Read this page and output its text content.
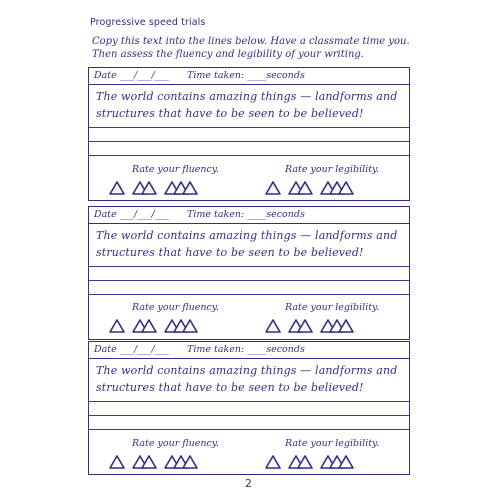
Progressive speed trials
Copy this text into the lines below. Have a classmate time you.
Then assess the fluency and legibility of your writing.
Date ___/___/___ Time taken: ____seconds
The world contains amazing things — landforms and
structures that have to be seen to be believed!
Rate your fluency.	Rate your legibility.
Date ___/___/___ Time taken: ____seconds
The world contains amazing things — landforms and
structures that have to be seen to be believed!
Rate your fluency.	Rate your legibility.
Date ___/___/___ Time taken: ____seconds
The world contains amazing things — landforms and
structures that have to be seen to be believed!
Rate your fluency.	Rate your legibility.
2
